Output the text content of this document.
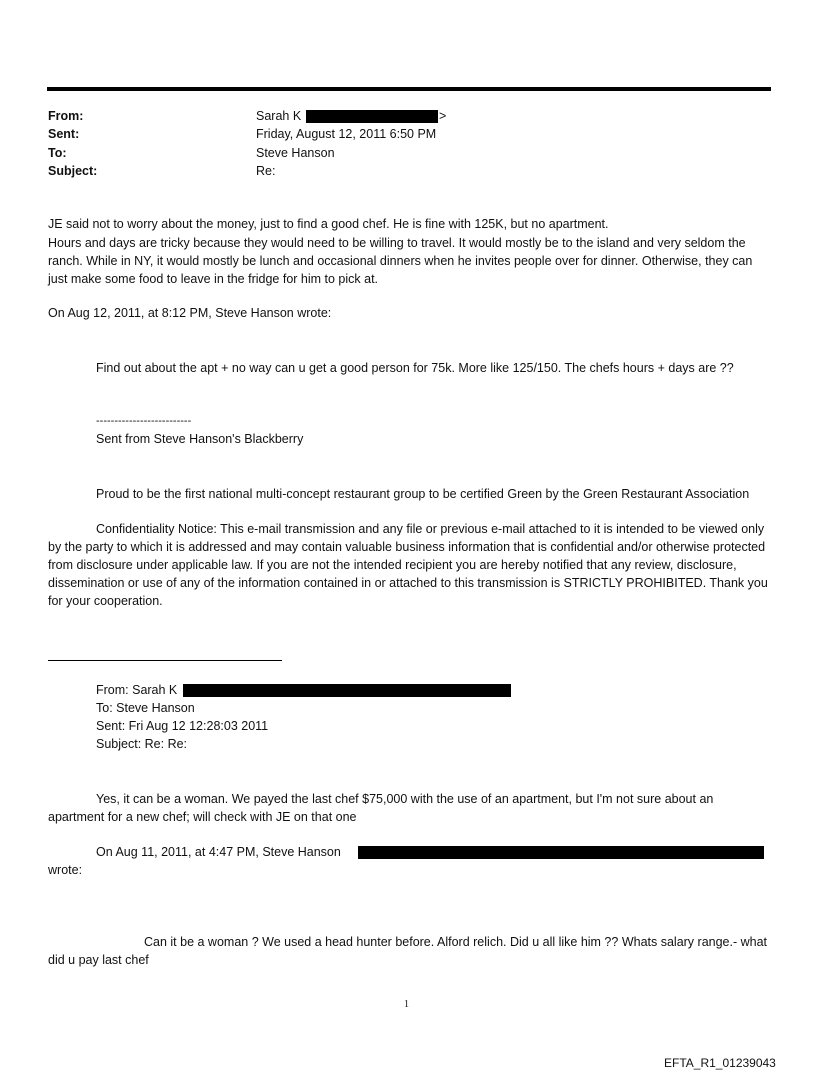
From:	Sarah K	>
Sent:	Friday, August 12, 2011 6:50 PM
To:	Steve Hanson
Subject:	Re:
JE said not to worry about the money, just to find a good chef. He is fine with 125K, but no apartment.
Hours and days are tricky because they would need to be willing to travel. It would mostly be to the island and very seldom the ranch. While in NY, it would mostly be lunch and occasional dinners when he invites people over for dinner. Otherwise, they can just make some food to leave in the fridge for him to pick at.
On Aug 12, 2011, at 8:12 PM, Steve Hanson wrote:
Find out about the apt + no way can u get a good person for 75k. More like 125/150. The chefs hours + days are ??
--------------------------
Sent from Steve Hanson's Blackberry
Proud to be the first national multi-concept restaurant group to be certified Green by the Green Restaurant Association
Confidentiality Notice: This e-mail transmission and any file or previous e-mail attached to it is intended to be viewed only by the party to which it is addressed and may contain valuable business information that is confidential and/or otherwise protected from disclosure under applicable law. If you are not the intended recipient you are hereby notified that any review, disclosure, dissemination or use of any of the information contained in or attached to this transmission is STRICTLY PROHIBITED. Thank you for your cooperation.
From: Sarah K
To: Steve Hanson
Sent: Fri Aug 12 12:28:03 2011
Subject: Re: Re:
Yes, it can be a woman. We payed the last chef $75,000 with the use of an apartment, but I'm not sure about an apartment for a new chef; will check with JE on that one
On Aug 11, 2011, at 4:47 PM, Steve Hanson
wrote:
Can it be a woman ? We used a head hunter before. Alford relich. Did u all like him ?? Whats salary range.- what did u pay last chef
1
EFTA_R1_01239043
